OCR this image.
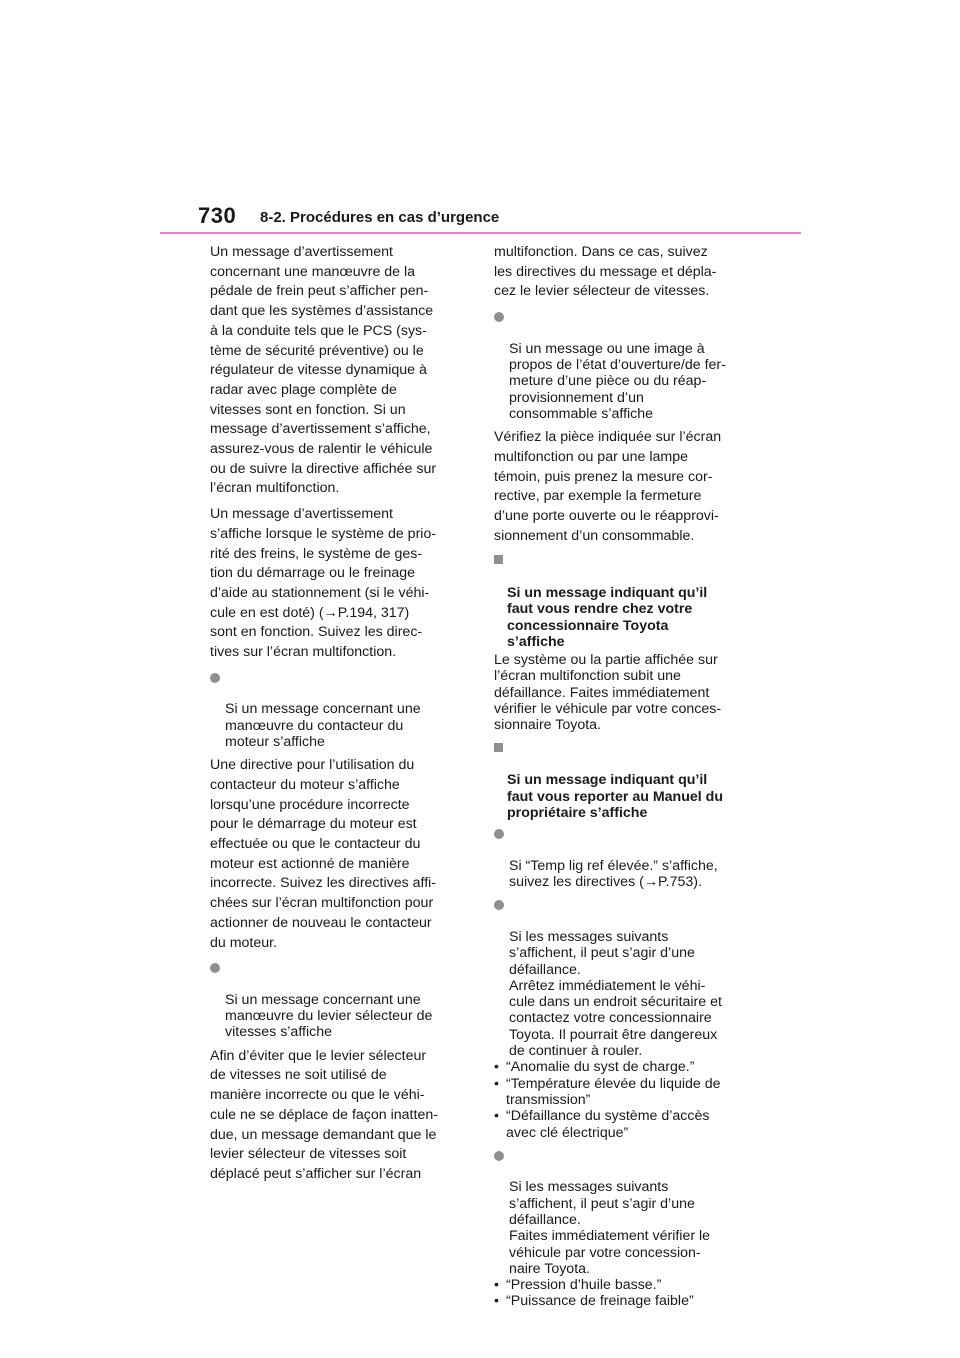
730 8-2. Procédures en cas d’urgence

Un message d’avertissement
concernant une manœuvre de la
pédale de frein peut s’afficher pen-
dant que les systèmes d’assistance
à la conduite tels que le PCS (sys-
tème de sécurité préventive) ou le
régulateur de vitesse dynamique à
radar avec plage complète de
vitesses sont en fonction. Si un
message d’avertissement s’affiche,
assurez-vous de ralentir le véhicule
ou de suivre la directive affichée sur
l’écran multifonction.

Un message d’avertissement
s’affiche lorsque le système de prio-
rité des freins, le système de ges-
tion du démarrage ou le freinage
d’aide au stationnement (si le véhi-
cule en est doté) (→P.194, 317)
sont en fonction. Suivez les direc-
tives sur l’écran multifonction.

Si un message concernant une
manœuvre du contacteur du
moteur s’affiche

Une directive pour l’utilisation du
contacteur du moteur s’affiche
lorsqu’une procédure incorrecte
pour le démarrage du moteur est
effectuée ou que le contacteur du
moteur est actionné de manière
incorrecte. Suivez les directives affi-
chées sur l’écran multifonction pour
actionner de nouveau le contacteur
du moteur.

Si un message concernant une
manœuvre du levier sélecteur de
vitesses s’affiche

Afin d’éviter que le levier sélecteur
de vitesses ne soit utilisé de
manière incorrecte ou que le véhi-
cule ne se déplace de façon inatten-
due, un message demandant que le
levier sélecteur de vitesses soit
déplacé peut s’afficher sur l’écran

multifonction. Dans ce cas, suivez
les directives du message et dépla-
cez le levier sélecteur de vitesses.

Si un message ou une image à
propos de l’état d’ouverture/de fer-
meture d’une pièce ou du réap-
provisionnement d’un
consommable s’affiche

Vérifiez la pièce indiquée sur l’écran
multifonction ou par une lampe
témoin, puis prenez la mesure cor-
rective, par exemple la fermeture
d’une porte ouverte ou le réapprovi-
sionnement d’un consommable.

Si un message indiquant qu’il
faut vous rendre chez votre
concessionnaire Toyota
s’affiche

Le système ou la partie affichée sur
l’écran multifonction subit une
défaillance. Faites immédiatement
vérifier le véhicule par votre conces-
sionnaire Toyota.

Si un message indiquant qu’il
faut vous reporter au Manuel du
propriétaire s’affiche

Si “Temp lig ref élevée.” s’affiche,
suivez les directives (→P.753).

Si les messages suivants
s’affichent, il peut s’agir d’une
défaillance.
Arrêtez immédiatement le véhi-
cule dans un endroit sécuritaire et
contactez votre concessionnaire
Toyota. Il pourrait être dangereux
de continuer à rouler.

• “Anomalie du syst de charge.”
• “Température élevée du liquide de
transmission”
• “Défaillance du système d’accès
avec clé électrique”

Si les messages suivants
s’affichent, il peut s’agir d’une
défaillance.
Faites immédiatement vérifier le
véhicule par votre concession-
naire Toyota.

• “Pression d’huile basse.”
• “Puissance de freinage faible”
